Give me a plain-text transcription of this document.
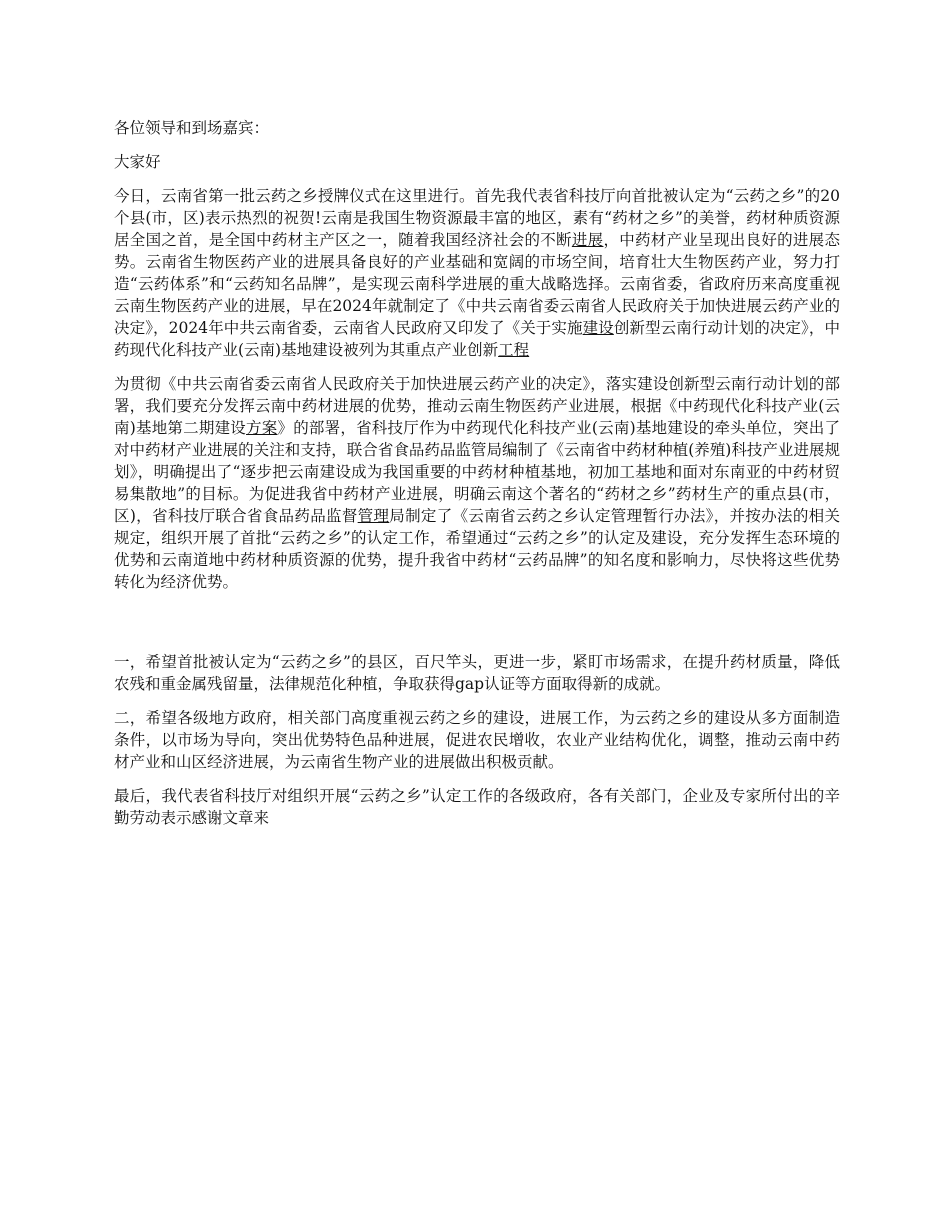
各位领导和到场嘉宾：

大家好

今日，云南省第一批云药之乡授牌仪式在这里进行。首先我代表省科技厅向首批被认定为“云药之乡”的20个县(市，区)表示热烈的祝贺!云南是我国生物资源最丰富的地区，素有“药材之乡”的美誉，药材种质资源居全国之首，是全国中药材主产区之一，随着我国经济社会的不断进展，中药材产业呈现出良好的进展态势。云南省生物医药产业的进展具备良好的产业基础和宽阔的市场空间，培育壮大生物医药产业，努力打造“云药体系”和“云药知名品牌”，是实现云南科学进展的重大战略选择。云南省委，省政府历来高度重视云南生物医药产业的进展，早在2024年就制定了《中共云南省委云南省人民政府关于加快进展云药产业的决定》，2024年中共云南省委，云南省人民政府又印发了《关于实施建设创新型云南行动计划的决定》，中药现代化科技产业(云南)基地建设被列为其重点产业创新工程

为贯彻《中共云南省委云南省人民政府关于加快进展云药产业的决定》，落实建设创新型云南行动计划的部署，我们要充分发挥云南中药材进展的优势，推动云南生物医药产业进展，根据《中药现代化科技产业(云南)基地第二期建设方案》的部署，省科技厅作为中药现代化科技产业(云南)基地建设的牵头单位，突出了对中药材产业进展的关注和支持，联合省食品药品监管局编制了《云南省中药材种植(养殖)科技产业进展规划》，明确提出了“逐步把云南建设成为我国重要的中药材种植基地，初加工基地和面对东南亚的中药材贸易集散地”的目标。为促进我省中药材产业进展，明确云南这个著名的“药材之乡”药材生产的重点县(市，区)，省科技厅联合省食品药品监督管理局制定了《云南省云药之乡认定管理暂行办法》，并按办法的相关规定，组织开展了首批“云药之乡”的认定工作，希望通过“云药之乡”的认定及建设，充分发挥生态环境的优势和云南道地中药材种质资源的优势，提升我省中药材“云药品牌”的知名度和影响力，尽快将这些优势转化为经济优势。

一，希望首批被认定为“云药之乡”的县区，百尺竿头，更进一步，紧盯市场需求，在提升药材质量，降低农残和重金属残留量，法律规范化种植，争取获得gap认证等方面取得新的成就。

二，希望各级地方政府，相关部门高度重视云药之乡的建设，进展工作，为云药之乡的建设从多方面制造条件，以市场为导向，突出优势特色品种进展，促进农民增收，农业产业结构优化，调整，推动云南中药材产业和山区经济进展，为云南省生物产业的进展做出积极贡献。

最后，我代表省科技厅对组织开展“云药之乡”认定工作的各级政府，各有关部门，企业及专家所付出的辛勤劳动表示感谢文章来
